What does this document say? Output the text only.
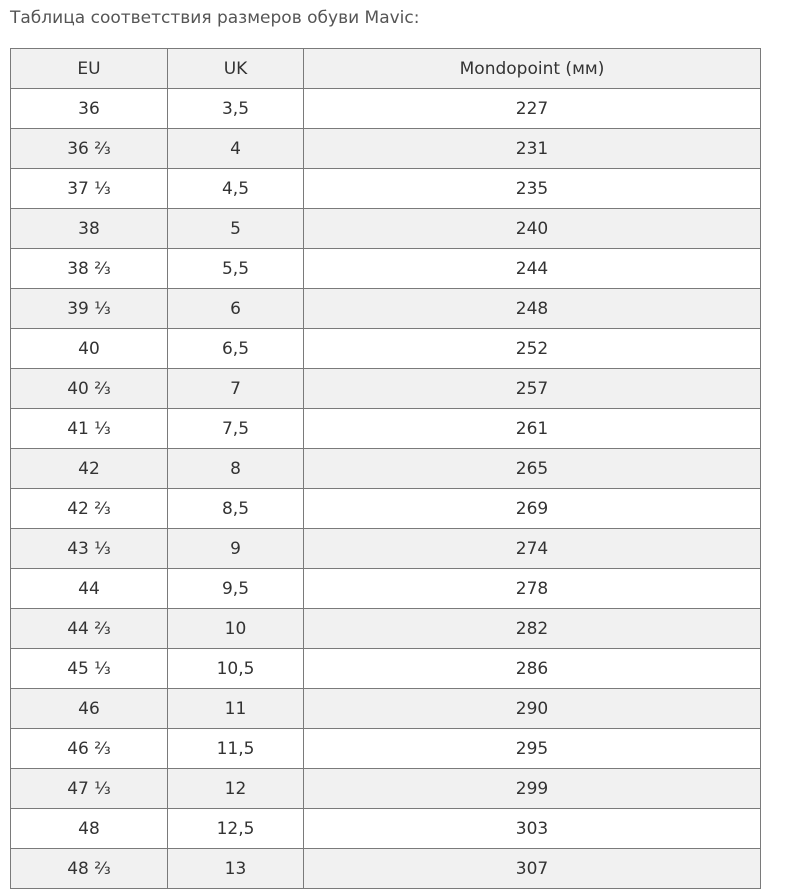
Таблица соответствия размеров обуви Mavic:

EU	UK	Mondopoint (мм)
36	3,5	227
36 ⅔	4	231
37 ⅓	4,5	235
38	5	240
38 ⅔	5,5	244
39 ⅓	6	248
40	6,5	252
40 ⅔	7	257
41 ⅓	7,5	261
42	8	265
42 ⅔	8,5	269
43 ⅓	9	274
44	9,5	278
44 ⅔	10	282
45 ⅓	10,5	286
46	11	290
46 ⅔	11,5	295
47 ⅓	12	299
48	12,5	303
48 ⅔	13	307
